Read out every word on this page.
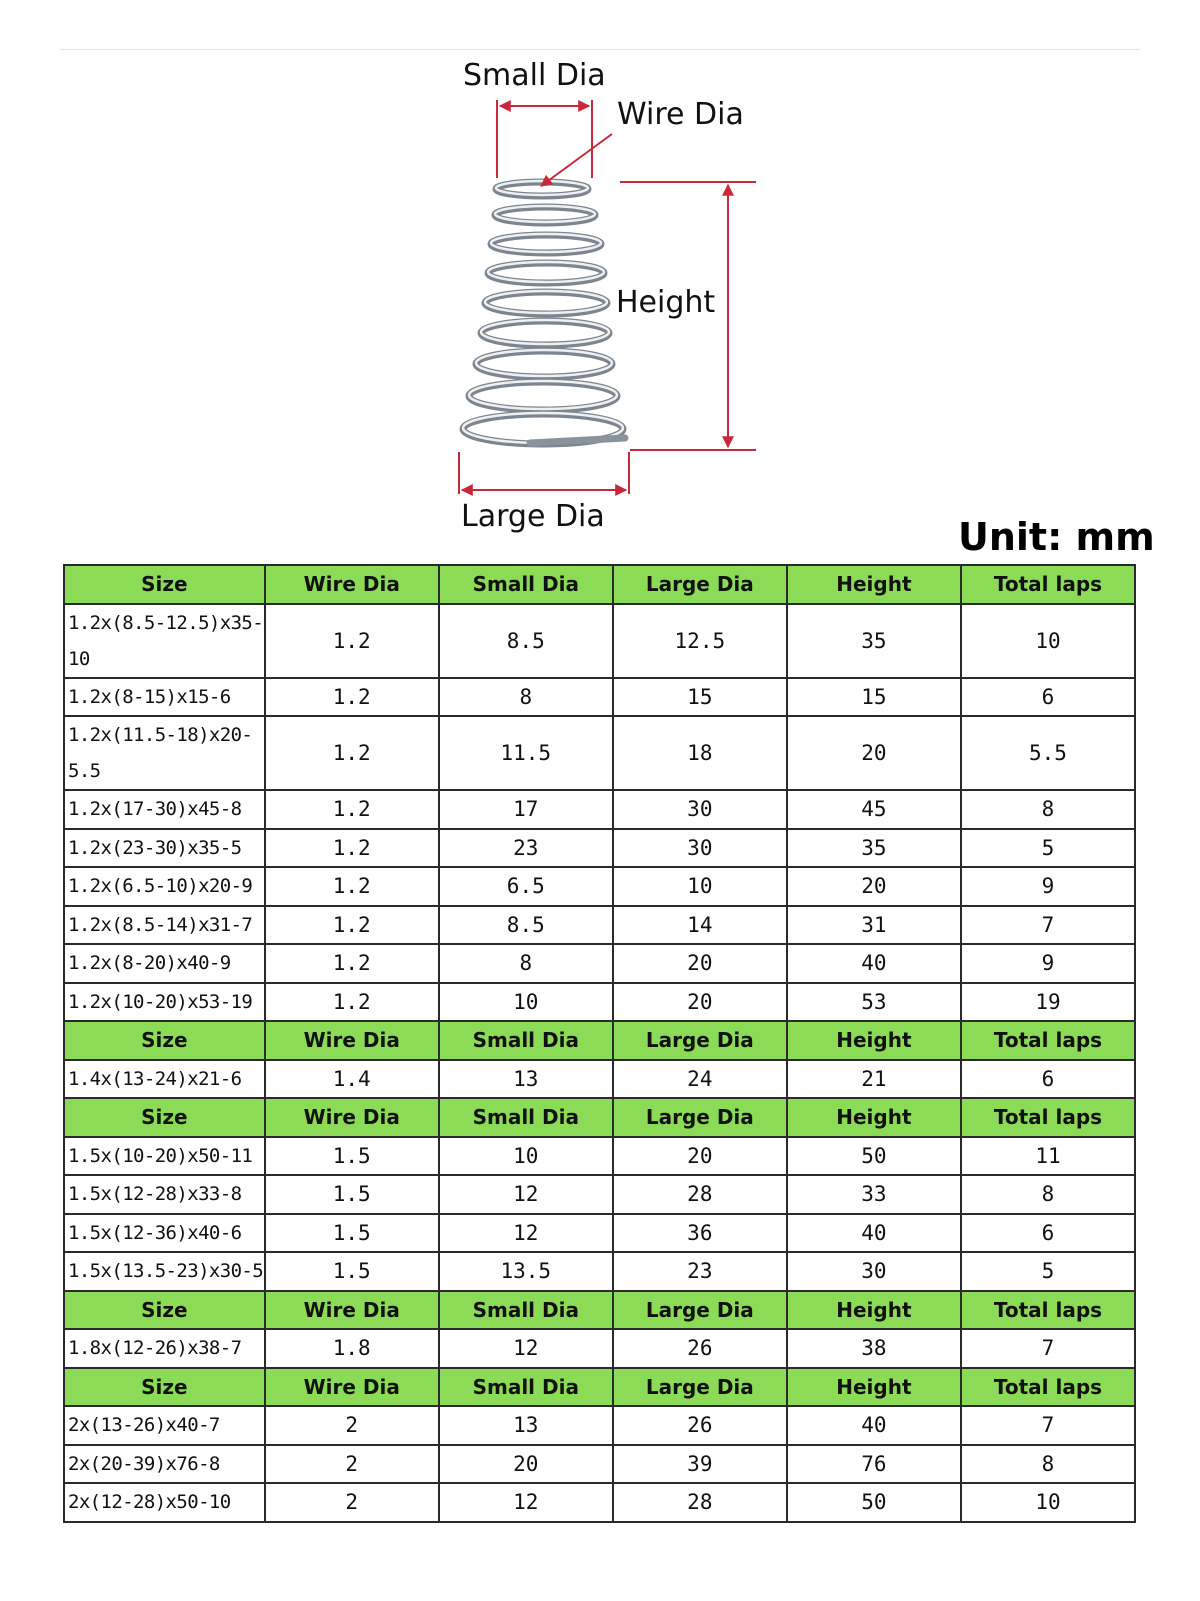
Small Dia
Wire Dia
Height
Large Dia	Unit: mm
Size	Wire Dia	Small Dia	Large Dia	Height	Total laps
1.2x(8.5-12.5)x35-10	1.2	8.5	12.5	35	10
1.2x(8-15)x15-6	1.2	8	15	15	6
1.2x(11.5-18)x20-5.5	1.2	11.5	18	20	5.5
1.2x(17-30)x45-8	1.2	17	30	45	8
1.2x(23-30)x35-5	1.2	23	30	35	5
1.2x(6.5-10)x20-9	1.2	6.5	10	20	9
1.2x(8.5-14)x31-7	1.2	8.5	14	31	7
1.2x(8-20)x40-9	1.2	8	20	40	9
1.2x(10-20)x53-19	1.2	10	20	53	19
Size	Wire Dia	Small Dia	Large Dia	Height	Total laps
1.4x(13-24)x21-6	1.4	13	24	21	6
Size	Wire Dia	Small Dia	Large Dia	Height	Total laps
1.5x(10-20)x50-11	1.5	10	20	50	11
1.5x(12-28)x33-8	1.5	12	28	33	8
1.5x(12-36)x40-6	1.5	12	36	40	6
1.5x(13.5-23)x30-5	1.5	13.5	23	30	5
Size	Wire Dia	Small Dia	Large Dia	Height	Total laps
1.8x(12-26)x38-7	1.8	12	26	38	7
Size	Wire Dia	Small Dia	Large Dia	Height	Total laps
2x(13-26)x40-7	2	13	26	40	7
2x(20-39)x76-8	2	20	39	76	8
2x(12-28)x50-10	2	12	28	50	10
